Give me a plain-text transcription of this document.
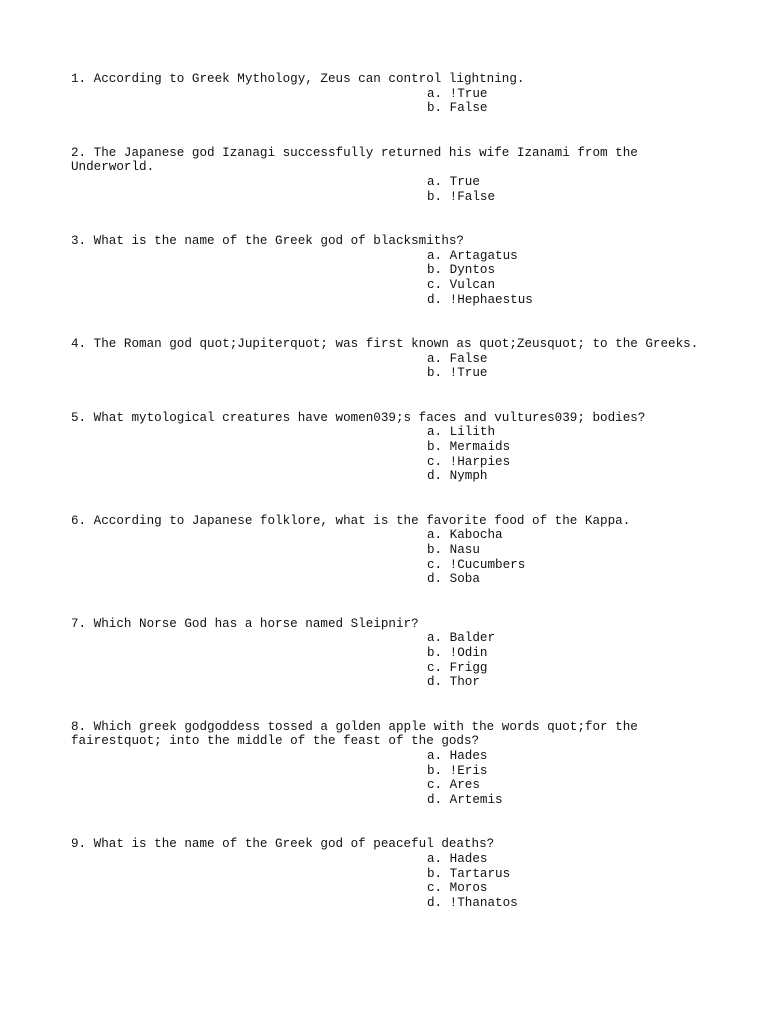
1. According to Greek Mythology, Zeus can control lightning.
a. !True
b. False
2. The Japanese god Izanagi successfully returned his wife Izanami from the Underworld.
a. True
b. !False
3. What is the name of the Greek god of blacksmiths?
a. Artagatus
b. Dyntos
c. Vulcan
d. !Hephaestus
4. The Roman god quot;Jupiterquot; was first known as quot;Zeusquot; to the Greeks.
a. False
b. !True
5. What mytological creatures have women039;s faces and vultures039; bodies?
a. Lilith
b. Mermaids
c. !Harpies
d. Nymph
6. According to Japanese folklore, what is the favorite food of the Kappa.
a. Kabocha
b. Nasu
c. !Cucumbers
d. Soba
7. Which Norse God has a horse named Sleipnir?
a. Balder
b. !Odin
c. Frigg
d. Thor
8. Which greek godgoddess tossed a golden apple with the words quot;for the fairestquot; into the middle of the feast of the gods?
a. Hades
b. !Eris
c. Ares
d. Artemis
9. What is the name of the Greek god of peaceful deaths?
a. Hades
b. Tartarus
c. Moros
d. !Thanatos
